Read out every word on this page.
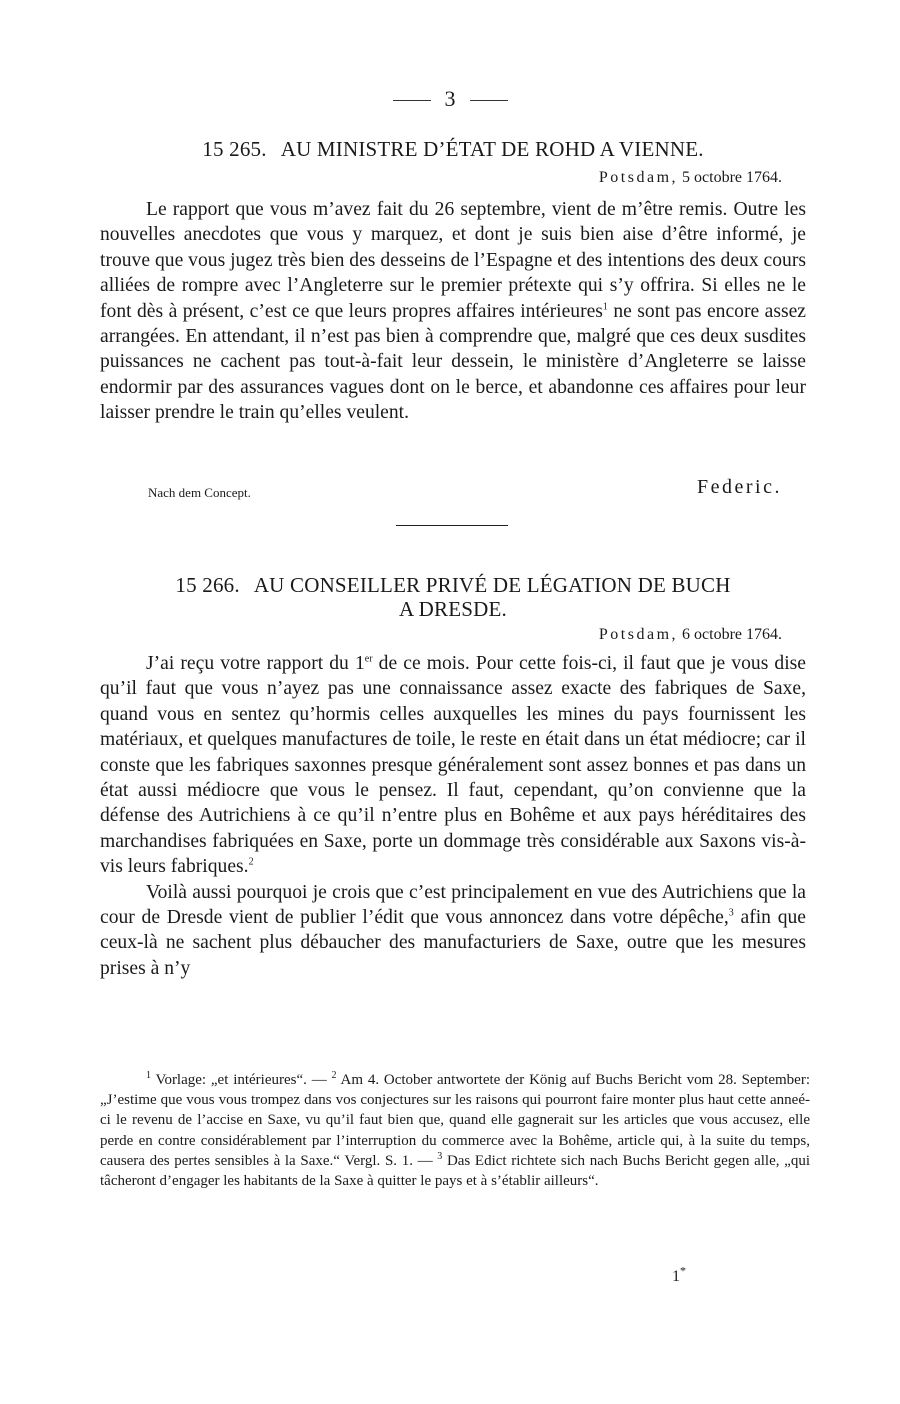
3
15 265. AU MINISTRE D’ÉTAT DE ROHD A VIENNE.
Potsdam, 5 octobre 1764.

Le rapport que vous m’avez fait du 26 septembre, vient de m’être remis. Outre les nouvelles anecdotes que vous y marquez, et dont je suis bien aise d’être informé, je trouve que vous jugez très bien des desseins de l’Espagne et des intentions des deux cours alliées de rompre avec l’Angleterre sur le premier prétexte qui s’y offrira. Si elles ne le font dès à présent, c’est ce que leurs propres affaires intérieures$^1$ ne sont pas encore assez arrangées. En attendant, il n’est pas bien à comprendre que, malgré que ces deux susdites puissances ne cachent pas tout-à-fait leur dessein, le ministère d’Angleterre se laisse endormir par des assurances vagues dont on le berce, et abandonne ces affaires pour leur laisser prendre le train qu’elles veulent.

Nach dem Concept.	Federic.
15 266. AU CONSEILLER PRIVÉ DE LÉGATION DE BUCH
A DRESDE.
Potsdam, 6 octobre 1764.

J’ai reçu votre rapport du 1er de ce mois. Pour cette fois-ci, il faut que je vous dise qu’il faut que vous n’ayez pas une connaissance assez exacte des fabriques de Saxe, quand vous en sentez qu’hormis celles auxquelles les mines du pays fournissent les matériaux, et quelques manufactures de toile, le reste en était dans un état médiocre; car il conste que les fabriques saxonnes presque généralement sont assez bonnes et pas dans un état aussi médiocre que vous le pensez. Il faut, cependant, qu’on convienne que la défense des Autrichiens à ce qu’il n’entre plus en Bohême et aux pays héréditaires des marchandises fabriquées en Saxe, porte un dommage très considérable aux Saxons vis-à-vis leurs fabriques.$^2$

Voilà aussi pourquoi je crois que c’est principalement en vue des Autrichiens que la cour de Dresde vient de publier l’édit que vous annoncez dans votre dépêche,$^3$ afin que ceux-là ne sachent plus débaucher des manufacturiers de Saxe, outre que les mesures prises à n’y

$^1$ Vorlage: „et intérieures“. — $^2$ Am 4. October antwortete der König auf Buchs Bericht vom 28. September: „J’estime que vous vous trompez dans vos conjectures sur les raisons qui pourront faire monter plus haut cette anneé-ci le revenu de l’accise en Saxe, vu qu’il faut bien que, quand elle gagnerait sur les articles que vous accusez, elle perde en contre considérablement par l’interruption du commerce avec la Bohême, article qui, à la suite du temps, causera des pertes sensibles à la Saxe.“ Vergl. S. 1. — $^3$ Das Edict richtete sich nach Buchs Bericht gegen alle, „qui tâcheront d’engager les habitants de la Saxe à quitter le pays et à s’établir ailleurs“.

1*
